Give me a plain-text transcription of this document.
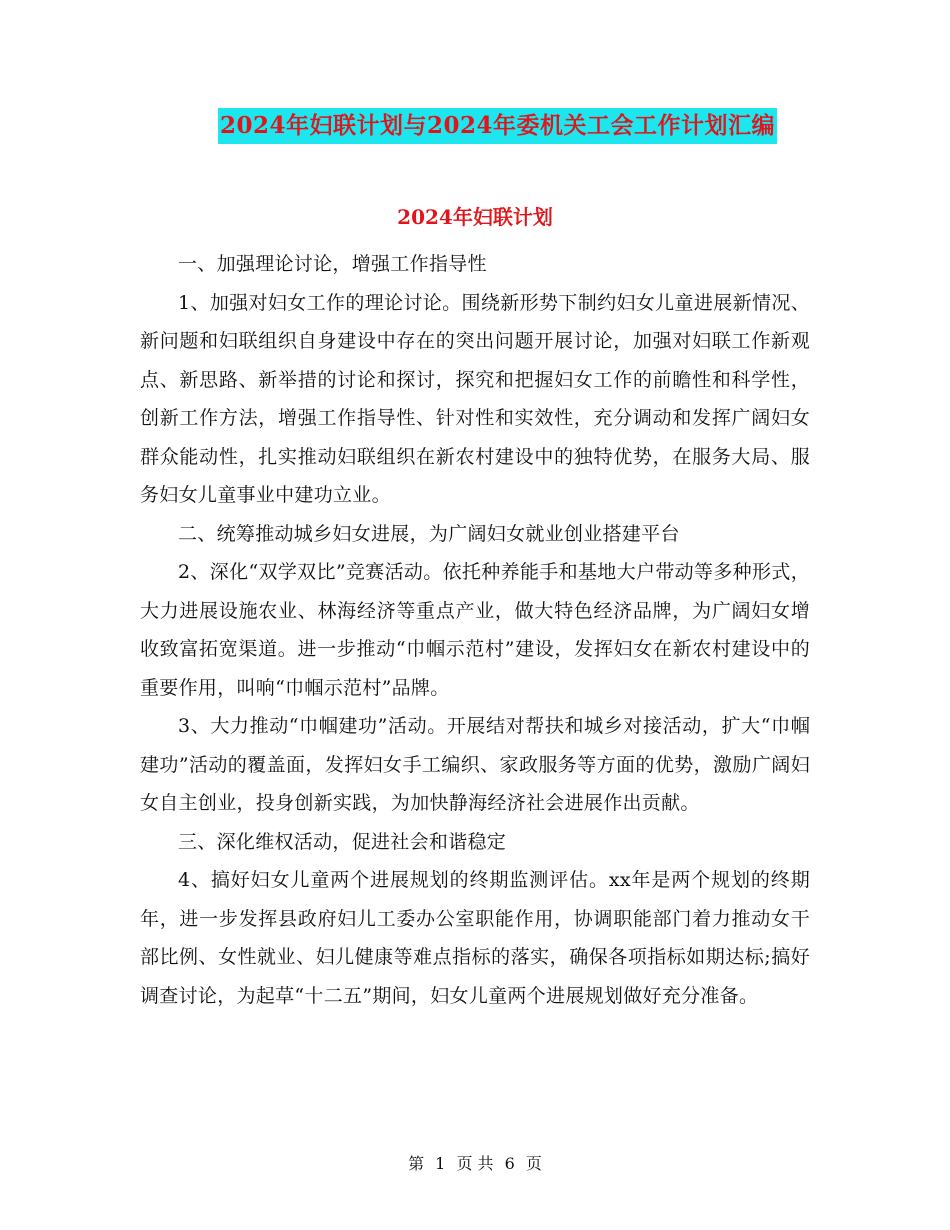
2024年妇联计划与2024年委机关工会工作计划汇编
2024年妇联计划

一、加强理论讨论，增强工作指导性

1、加强对妇女工作的理论讨论。围绕新形势下制约妇女儿童进展新情况、新问题和妇联组织自身建设中存在的突出问题开展讨论，加强对妇联工作新观点、新思路、新举措的讨论和探讨，探究和把握妇女工作的前瞻性和科学性，创新工作方法，增强工作指导性、针对性和实效性，充分调动和发挥广阔妇女群众能动性，扎实推动妇联组织在新农村建设中的独特优势，在服务大局、服务妇女儿童事业中建功立业。

二、统筹推动城乡妇女进展，为广阔妇女就业创业搭建平台

2、深化“双学双比”竞赛活动。依托种养能手和基地大户带动等多种形式，大力进展设施农业、林海经济等重点产业，做大特色经济品牌，为广阔妇女增收致富拓宽渠道。进一步推动“巾帼示范村”建设，发挥妇女在新农村建设中的重要作用，叫响“巾帼示范村”品牌。

3、大力推动“巾帼建功”活动。开展结对帮扶和城乡对接活动，扩大“巾帼建功”活动的覆盖面，发挥妇女手工编织、家政服务等方面的优势，激励广阔妇女自主创业，投身创新实践，为加快静海经济社会进展作出贡献。

三、深化维权活动，促进社会和谐稳定

4、搞好妇女儿童两个进展规划的终期监测评估。xx年是两个规划的终期年，进一步发挥县政府妇儿工委办公室职能作用，协调职能部门着力推动女干部比例、女性就业、妇儿健康等难点指标的落实，确保各项指标如期达标;搞好调查讨论，为起草“十二五”期间，妇女儿童两个进展规划做好充分准备。

第 1 页 共 6 页
